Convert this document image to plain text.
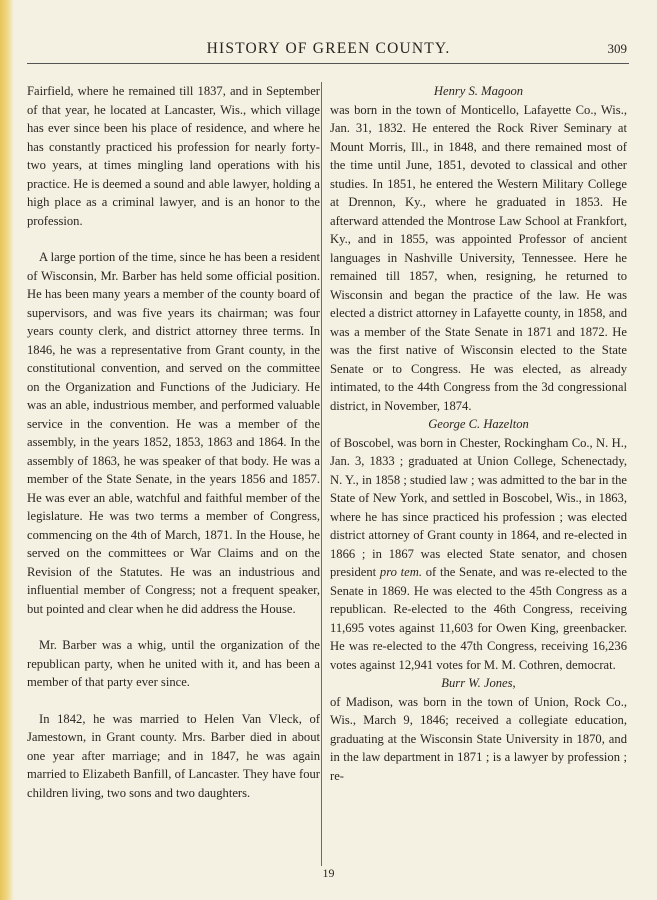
HISTORY OF GREEN COUNTY.	309

Fairfield, where he remained till 1837, and in September of that year, he located at Lancaster, Wis., which village has ever since been his place of residence, and where he has constantly practiced his profession for nearly forty-two years, at times mingling land operations with his practice. He is deemed a sound and able lawyer, holding a high place as a criminal lawyer, and is an honor to the profession.

A large portion of the time, since he has been a resident of Wisconsin, Mr. Barber has held some official position. He has been many years a member of the county board of supervisors, and was five years its chairman; was four years county clerk, and district attorney three terms. In 1846, he was a representative from Grant county, in the constitutional convention, and served on the committee on the Organization and Functions of the Judiciary. He was an able, industrious member, and performed valuable service in the convention. He was a member of the assembly, in the years 1852, 1853, 1863 and 1864. In the assembly of 1863, he was speaker of that body. He was a member of the State Senate, in the years 1856 and 1857. He was ever an able, watchful and faithful member of the legislature. He was two terms a member of Congress, commencing on the 4th of March, 1871. In the House, he served on the committees or War Claims and on the Revision of the Statutes. He was an industrious and influential member of Congress; not a frequent speaker, but pointed and clear when he did address the House.

Mr. Barber was a whig, until the organization of the republican party, when he united with it, and has been a member of that party ever since.

In 1842, he was married to Helen Van Vleck, of Jamestown, in Grant county. Mrs. Barber died in about one year after marriage; and in 1847, he was again married to Elizabeth Banfill, of Lancaster. They have four children living, two sons and two daughters.

Henry S. Magoon

was born in the town of Monticello, Lafayette Co., Wis., Jan. 31, 1832. He entered the Rock River Seminary at Mount Morris, Ill., in 1848, and there remained most of the time until June, 1851, devoted to classical and other studies. In 1851, he entered the Western Military College at Drennon, Ky., where he graduated in 1853. He afterward attended the Montrose Law School at Frankfort, Ky., and in 1855, was appointed Professor of ancient languages in Nashville University, Tennessee. Here he remained till 1857, when, resigning, he returned to Wisconsin and began the practice of the law. He was elected a district attorney in Lafayette county, in 1858, and was a member of the State Senate in 1871 and 1872. He was the first native of Wisconsin elected to the State Senate or to Congress. He was elected, as already intimated, to the 44th Congress from the 3d congressional district, in November, 1874.

George C. Hazelton

of Boscobel, was born in Chester, Rockingham Co., N. H., Jan. 3, 1833 ; graduated at Union College, Schenectady, N. Y., in 1858 ; studied law ; was admitted to the bar in the State of New York, and settled in Boscobel, Wis., in 1863, where he has since practiced his profession ; was elected district attorney of Grant county in 1864, and re-elected in 1866 ; in 1867 was elected State senator, and chosen president pro tem. of the Senate, and was re-elected to the Senate in 1869. He was elected to the 45th Congress as a republican. Re-elected to the 46th Congress, receiving 11,695 votes against 11,603 for Owen King, greenbacker. He was re-elected to the 47th Congress, receiving 16,236 votes against 12,941 votes for M. M. Cothren, democrat.

Burr W. Jones,

of Madison, was born in the town of Union, Rock Co., Wis., March 9, 1846; received a collegiate education, graduating at the Wisconsin State University in 1870, and in the law department in 1871 ; is a lawyer by profession ; re-

19
